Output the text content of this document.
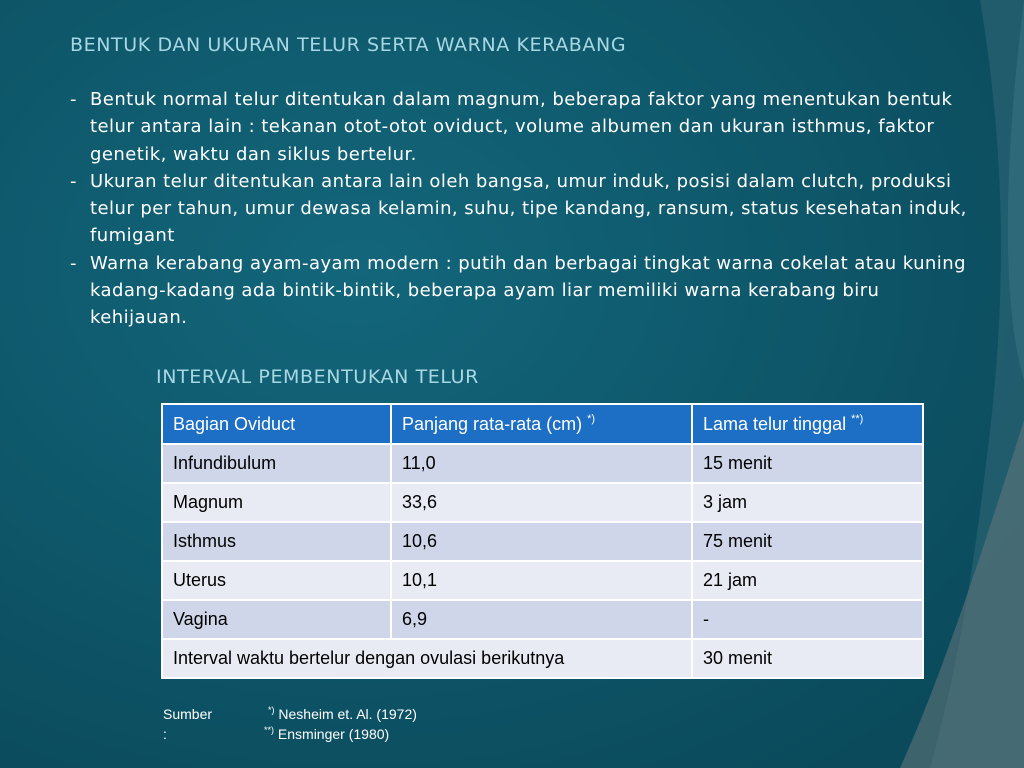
BENTUK DAN UKURAN TELUR SERTA WARNA KERABANG
- Bentuk normal telur ditentukan dalam magnum, beberapa faktor yang menentukan bentuk telur antara lain : tekanan otot-otot oviduct, volume albumen dan ukuran isthmus, faktor genetik, waktu dan siklus bertelur.
- Ukuran telur ditentukan antara lain oleh bangsa, umur induk, posisi dalam clutch, produksi telur per tahun, umur dewasa kelamin, suhu, tipe kandang, ransum, status kesehatan induk, fumigant
- Warna kerabang ayam-ayam modern : putih dan berbagai tingkat warna cokelat atau kuning kadang-kadang ada bintik-bintik, beberapa ayam liar memiliki warna kerabang biru kehijauan.
INTERVAL PEMBENTUKAN TELUR
Bagian Oviduct	Panjang rata-rata (cm) *)	Lama telur tinggal **)
Infundibulum	11,0	15 menit
Magnum	33,6	3 jam
Isthmus	10,6	75 menit
Uterus	10,1	21 jam
Vagina	6,9	-
Interval waktu bertelur dengan ovulasi berikutnya		30 menit
Sumber :
*) Nesheim et. Al. (1972)
**) Ensminger (1980)
